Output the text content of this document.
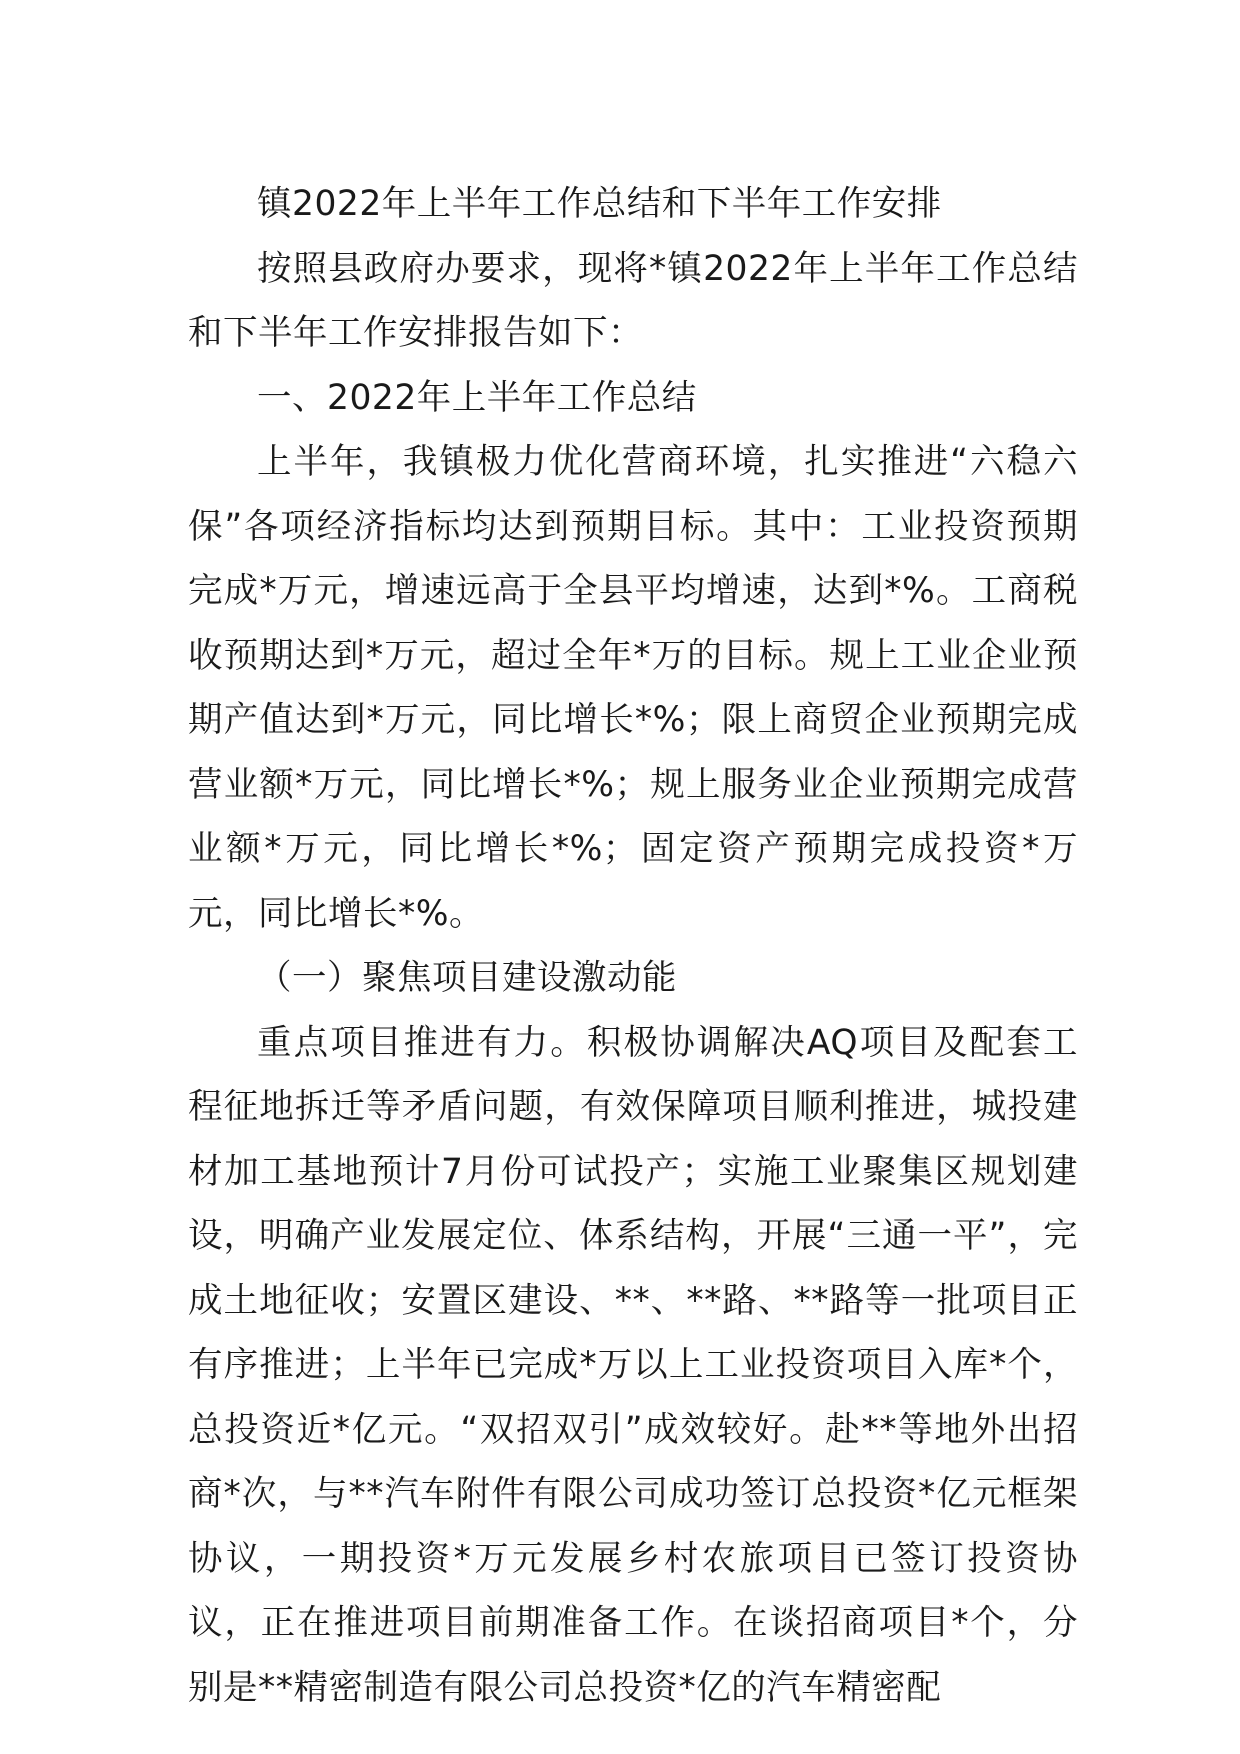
镇2022年上半年工作总结和下半年工作安排

按照县政府办要求，现将*镇2022年上半年工作总结和下半年工作安排报告如下：

一、2022年上半年工作总结

上半年，我镇极力优化营商环境，扎实推进“六稳六保”各项经济指标均达到预期目标。其中：工业投资预期完成*万元，增速远高于全县平均增速，达到*%。工商税收预期达到*万元，超过全年*万的目标。规上工业企业预期产值达到*万元，同比增长*%；限上商贸企业预期完成营业额*万元，同比增长*%；规上服务业企业预期完成营业额*万元，同比增长*%；固定资产预期完成投资*万元，同比增长*%。

（一）聚焦项目建设激动能

重点项目推进有力。积极协调解决AQ项目及配套工程征地拆迁等矛盾问题，有效保障项目顺利推进，城投建材加工基地预计7月份可试投产；实施工业聚集区规划建设，明确产业发展定位、体系结构，开展“三通一平”，完成土地征收；安置区建设、**、**路、**路等一批项目正有序推进；上半年已完成*万以上工业投资项目入库*个，总投资近*亿元。“双招双引”成效较好。赴**等地外出招商*次，与**汽车附件有限公司成功签订总投资*亿元框架协议，一期投资*万元发展乡村农旅项目已签订投资协议，正在推进项目前期准备工作。在谈招商项目*个，分别是**精密制造有限公司总投资*亿的汽车精密配
